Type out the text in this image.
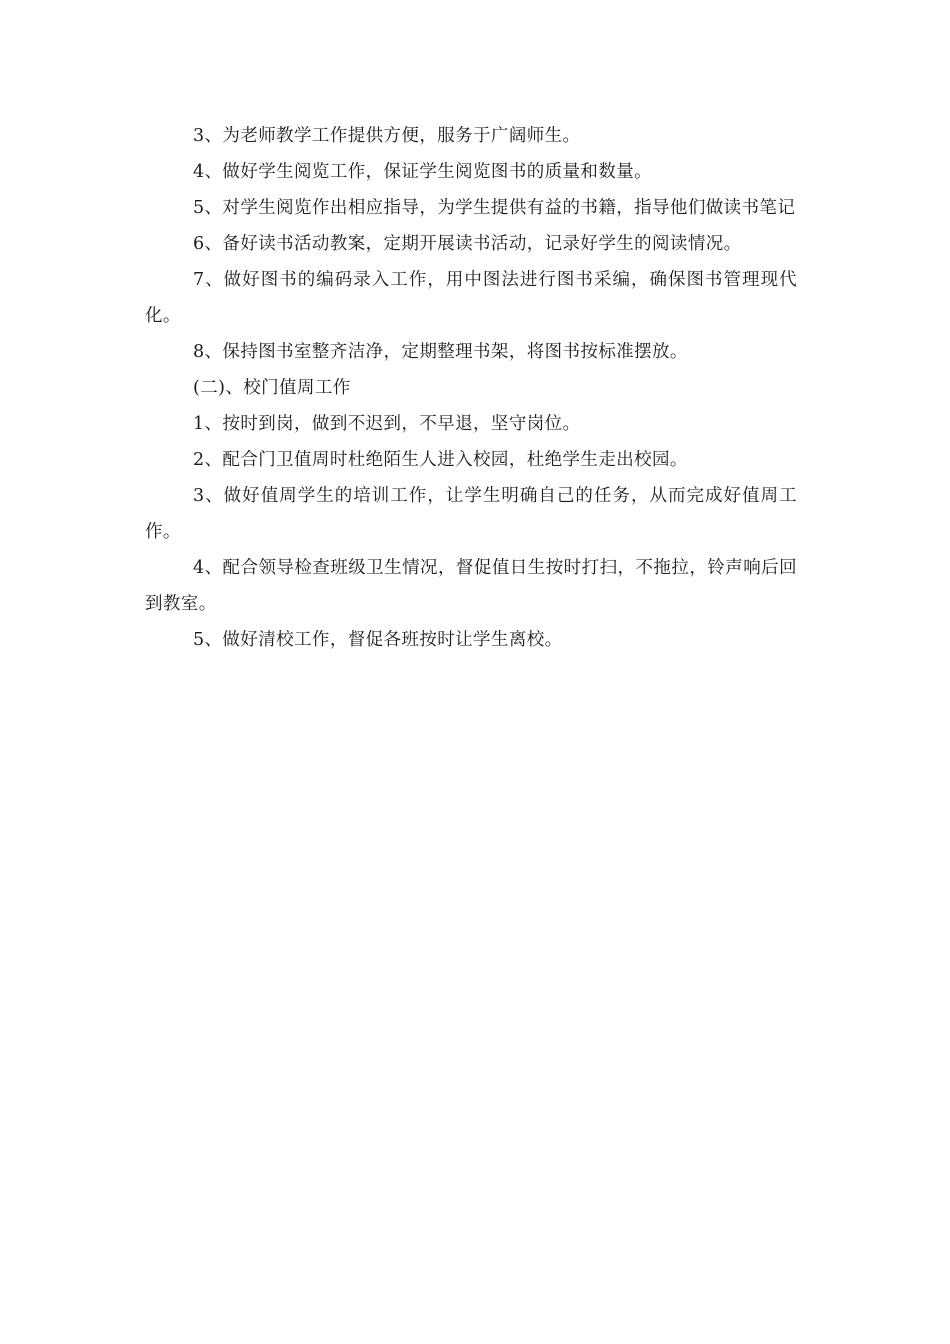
3、为老师教学工作提供方便，服务于广阔师生。

4、做好学生阅览工作，保证学生阅览图书的质量和数量。

5、对学生阅览作出相应指导，为学生提供有益的书籍，指导他们做读书笔记

6、备好读书活动教案，定期开展读书活动，记录好学生的阅读情况。

7、做好图书的编码录入工作，用中图法进行图书采编，确保图书管理现代化。

8、保持图书室整齐洁净，定期整理书架，将图书按标准摆放。

(二)、校门值周工作

1、按时到岗，做到不迟到，不早退，坚守岗位。

2、配合门卫值周时杜绝陌生人进入校园，杜绝学生走出校园。

3、做好值周学生的培训工作，让学生明确自己的任务，从而完成好值周工作。

4、配合领导检查班级卫生情况，督促值日生按时打扫，不拖拉，铃声响后回到教室。

5、做好清校工作，督促各班按时让学生离校。
